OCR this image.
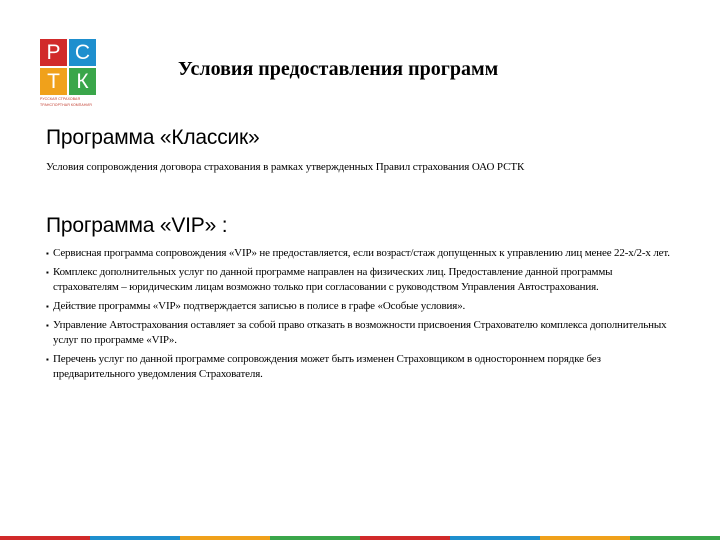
Р С
Т К
РУССКАЯ СТРАХОВАЯ
ТРАНСПОРТНАЯ КОМПАНИЯ
Условия предоставления программ
Программа «Классик»

Условия сопровождения договора страхования в рамках утвержденных Правил страхования ОАО РСТК

Программа «VIP» :
▪ Сервисная программа сопровождения «VIP» не предоставляется, если возраст/стаж допущенных к управлению лиц менее 22-х/2-х лет.
▪ Комплекс дополнительных услуг по данной программе направлен на физических лиц. Предоставление данной программы страхователям – юридическим лицам возможно только при согласовании с руководством Управления Автострахования.
▪ Действие программы «VIP» подтверждается записью в полисе в графе «Особые условия».
▪ Управление Автострахования оставляет за собой право отказать в возможности присвоения Страхователю комплекса дополнительных услуг по программе «VIP».
▪ Перечень услуг по данной программе сопровождения может быть изменен Страховщиком в одностороннем порядке без предварительного уведомления Страхователя.
